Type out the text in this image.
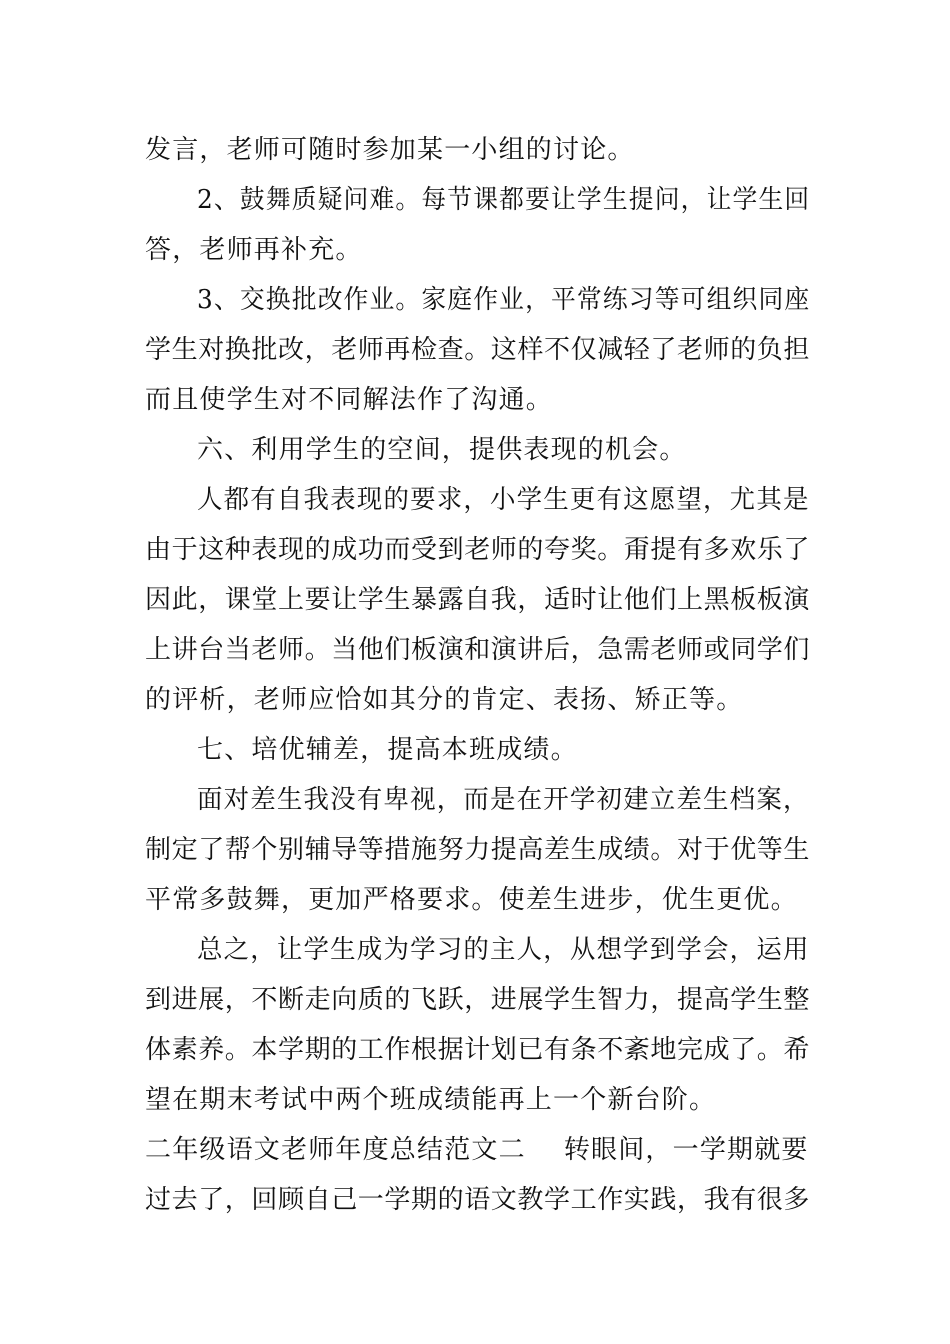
发言，老师可随时参加某一小组的讨论。
2、鼓舞质疑问难。每节课都要让学生提问，让学生回
答，老师再补充。
3、交换批改作业。家庭作业，平常练习等可组织同座
学生对换批改，老师再检查。这样不仅减轻了老师的负担
而且使学生对不同解法作了沟通。
六、利用学生的空间，提供表现的机会。
人都有自我表现的要求，小学生更有这愿望，尤其是
由于这种表现的成功而受到老师的夸奖。甭提有多欢乐了
因此，课堂上要让学生暴露自我，适时让他们上黑板板演
上讲台当老师。当他们板演和演讲后，急需老师或同学们
的评析，老师应恰如其分的肯定、表扬、矫正等。
七、培优辅差，提高本班成绩。
面对差生我没有卑视，而是在开学初建立差生档案，
制定了帮个别辅导等措施努力提高差生成绩。对于优等生
平常多鼓舞，更加严格要求。使差生进步，优生更优。
总之，让学生成为学习的主人，从想学到学会，运用
到进展，不断走向质的飞跃，进展学生智力，提高学生整
体素养。本学期的工作根据计划已有条不紊地完成了。希
望在期末考试中两个班成绩能再上一个新台阶。
二年级语文老师年度总结范文二 转眼间，一学期就要
过去了，回顾自己一学期的语文教学工作实践，我有很多
